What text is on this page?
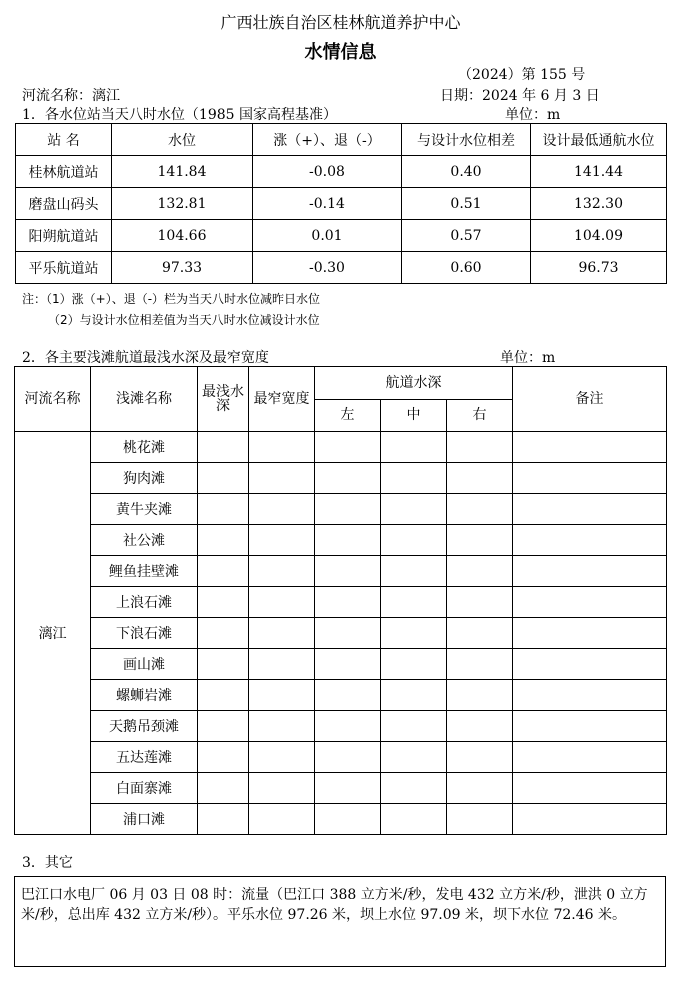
广西壮族自治区桂林航道养护中心
水情信息
（2024）第 155 号
河流名称：漓江	日期：2024 年 6 月 3 日
1．各水位站当天八时水位（1985 国家高程基准）	单位：m
站 名	水位	涨（+）、退（-）	与设计水位相差	设计最低通航水位
桂林航道站	141.84	-0.08	0.40	141.44
磨盘山码头	132.81	-0.14	0.51	132.30
阳朔航道站	104.66	0.01	0.57	104.09
平乐航道站	97.33	-0.30	0.60	96.73
注：（1）涨（+）、退（-）栏为当天八时水位减昨日水位
（2）与设计水位相差值为当天八时水位减设计水位
2．各主要浅滩航道最浅水深及最窄宽度	单位：m
河流名称	浅滩名称	最浅水深	最窄宽度	航道水深			备注
				左	中	右	
漓江	桃花滩						
	狗肉滩						
	黄牛夹滩						
	社公滩						
	鲤鱼挂壁滩						
	上浪石滩						
	下浪石滩						
	画山滩						
	螺蛳岩滩						
	天鹅吊颈滩						
	五达莲滩						
	白面寨滩						
	浦口滩						
3．其它
巴江口水电厂 06 月 03 日 08 时：流量（巴江口 388 立方米/秒，发电 432 立方米/秒，泄洪 0 立方米/秒，总出库 432 立方米/秒）。平乐水位 97.26 米，坝上水位 97.09 米，坝下水位 72.46 米。
